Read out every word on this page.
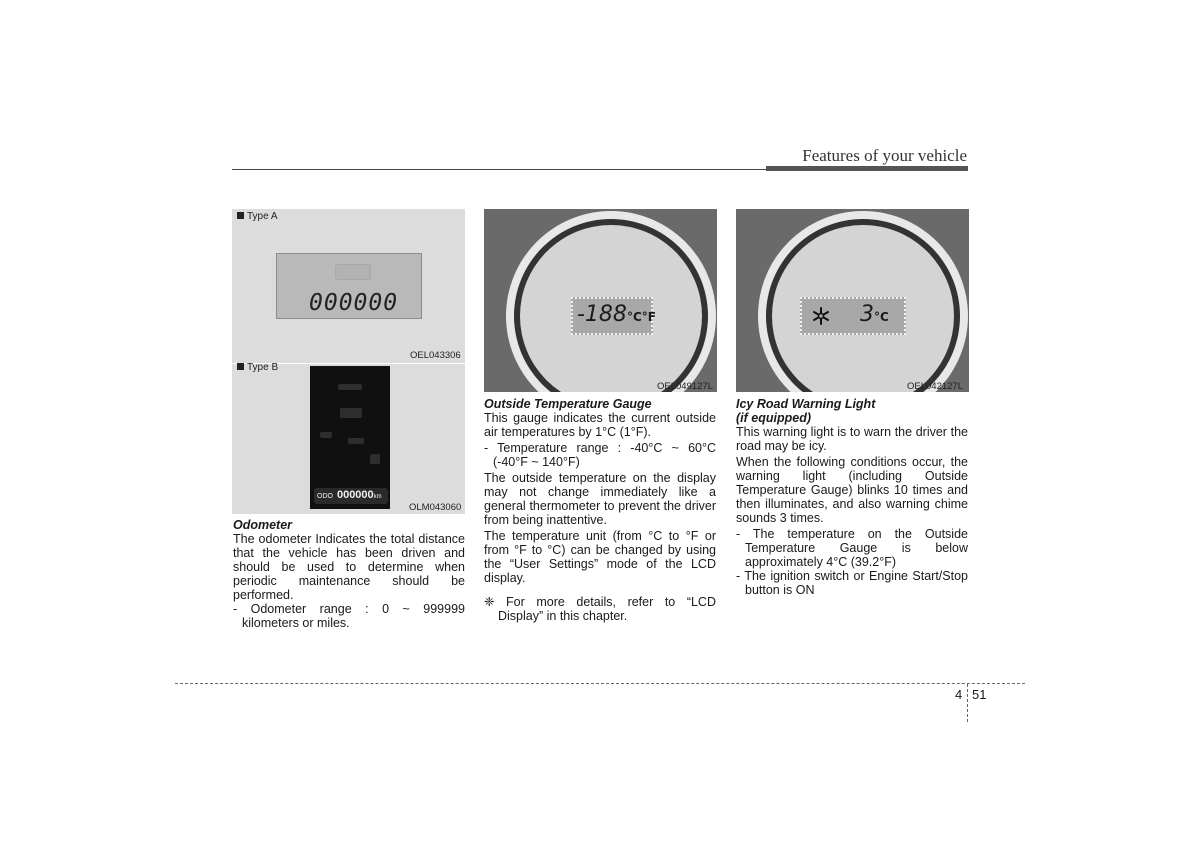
Features of your vehicle
Type A
000000
OEL043306
Type B
ODO 000000km
OLM043060

Odometer

The odometer Indicates the total distance that the vehicle has been driven and should be used to determine when periodic maintenance should be performed.

- Odometer range : 0 ~ 999999 kilometers or miles.

-188°C°F
OEL049127L

Outside Temperature Gauge

This gauge indicates the current outside air temperatures by 1°C (1°F).

- Temperature range : -40°C ~ 60°C (-40°F ~ 140°F)

The outside temperature on the display may not change immediately like a general thermometer to prevent the driver from being inattentive.

The temperature unit (from °C to °F or from °F to °C) can be changed by using the “User Settings” mode of the LCD display.

❈ For more details, refer to “LCD Display” in this chapter.

3°C
OEL042127L

Icy Road Warning Light

(if equipped)

This warning light is to warn the driver the road may be icy.

When the following conditions occur, the warning light (including Outside Temperature Gauge) blinks 10 times and then illuminates, and also warning chime sounds 3 times.

- The temperature on the Outside Temperature Gauge is below approximately 4°C (39.2°F)

- The ignition switch or Engine Start/Stop button is ON

4 51
